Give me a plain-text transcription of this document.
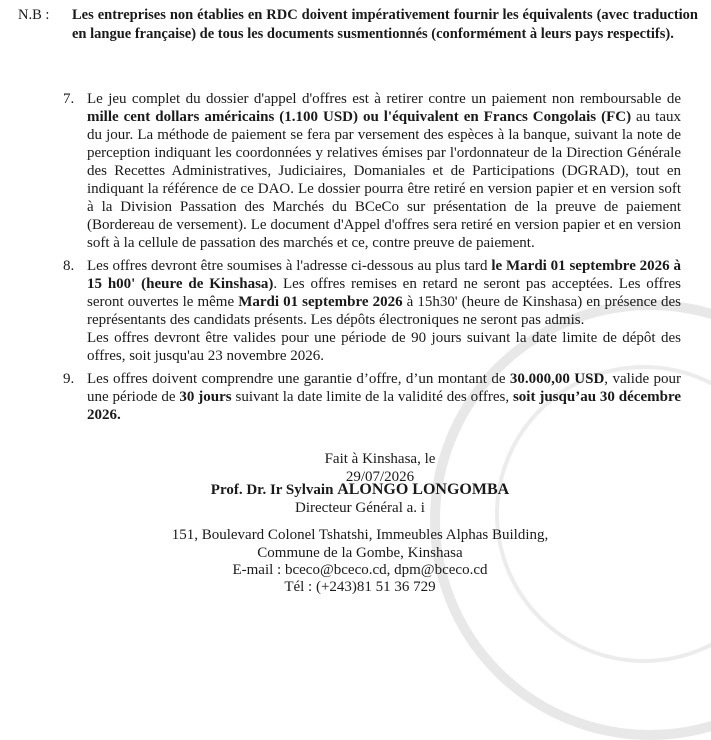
N.B : Les entreprises non établies en RDC doivent impérativement fournir les équivalents (avec traduction en langue française) de tous les documents susmentionnés (conformément à leurs pays respectifs).
7. Le jeu complet du dossier d'appel d'offres est à retirer contre un paiement non remboursable de mille cent dollars américains (1.100 USD) ou l'équivalent en Francs Congolais (FC) au taux du jour. La méthode de paiement se fera par versement des espèces à la banque, suivant la note de perception indiquant les coordonnées y relatives émises par l'ordonnateur de la Direction Générale des Recettes Administratives, Judiciaires, Domaniales et de Participations (DGRAD), tout en indiquant la référence de ce DAO. Le dossier pourra être retiré en version papier et en version soft à la Division Passation des Marchés du BCeCo sur présentation de la preuve de paiement (Bordereau de versement). Le document d'Appel d'offres sera retiré en version papier et en version soft à la cellule de passation des marchés et ce, contre preuve de paiement.
8. Les offres devront être soumises à l'adresse ci-dessous au plus tard le Mardi 01 septembre 2026 à 15 h00' (heure de Kinshasa). Les offres remises en retard ne seront pas acceptées. Les offres seront ouvertes le même Mardi 01 septembre 2026 à 15h30' (heure de Kinshasa) en présence des représentants des candidats présents. Les dépôts électroniques ne seront pas admis.
Les offres devront être valides pour une période de 90 jours suivant la date limite de dépôt des offres, soit jusqu'au 23 novembre 2026.
9. Les offres doivent comprendre une garantie d’offre, d’un montant de 30.000,00 USD, valide pour une période de 30 jours suivant la date limite de la validité des offres, soit jusqu’au 30 décembre 2026.
Fait à Kinshasa, le 29/07/2026
Prof. Dr. Ir Sylvain ALONGO LONGOMBA
Directeur Général a. i
151, Boulevard Colonel Tshatshi, Immeubles Alphas Building,
Commune de la Gombe, Kinshasa
E-mail : bceco@bceco.cd, dpm@bceco.cd
Tél : (+243)81 51 36 729
